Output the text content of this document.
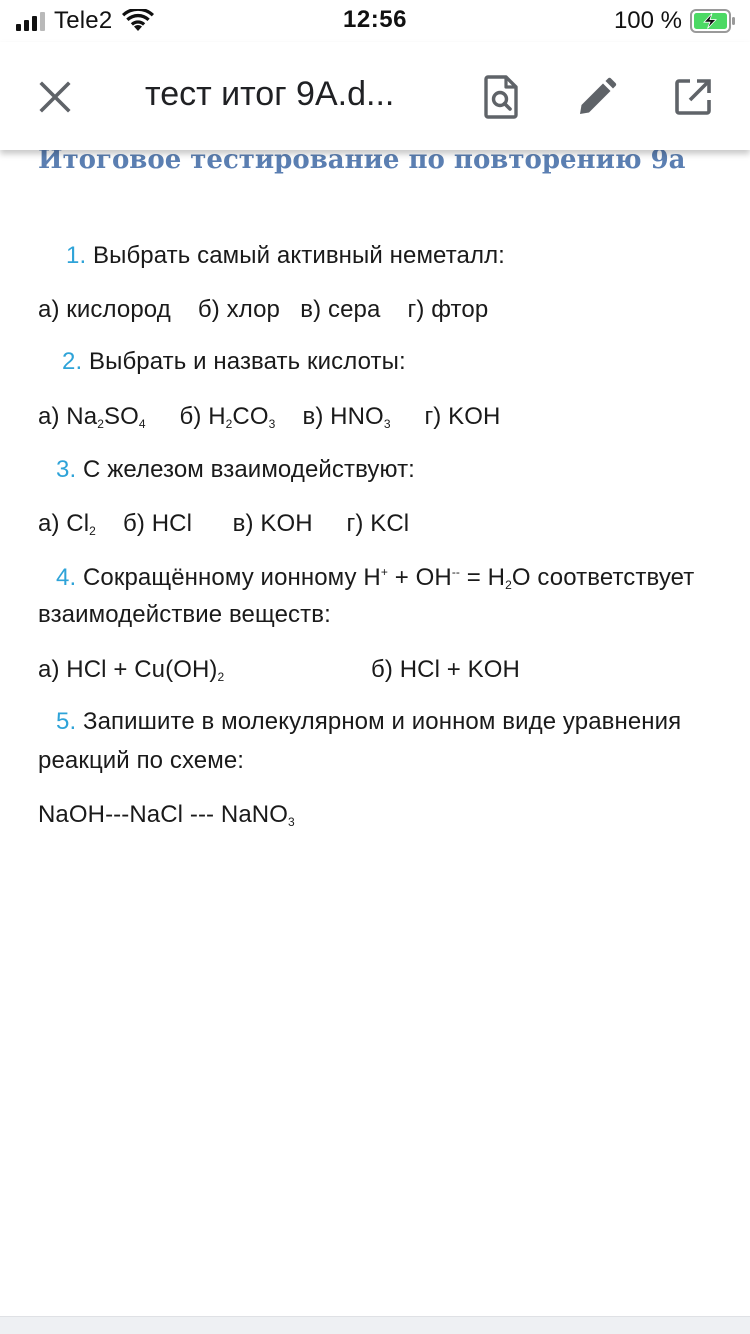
Tele2	12:56	100 %
тест итог 9А.d...
Итоговое тестирование по повторению 9а
1. Выбрать самый активный неметалл:
а) кислород б) хлор в) сера г) фтор
2. Выбрать и назвать кислоты:
а) $Na_2SO_4$ б) $H_2CO_3$ в) $HNO_3$ г) KOH
3. С железом взаимодействуют:
а) $Cl_2$ б) HCl в) KOH г) KCl
4. Сокращённому ионному $H^+ + OH^{--} = H_2O$ соответствует
взаимодействие веществ:
а) HCl + $Cu(OH)_2$	б) HCl + KOH
5. Запишите в молекулярном и ионном виде уравнения
реакций по схеме:
NaOH---NaCl --- NaNO$_3$
